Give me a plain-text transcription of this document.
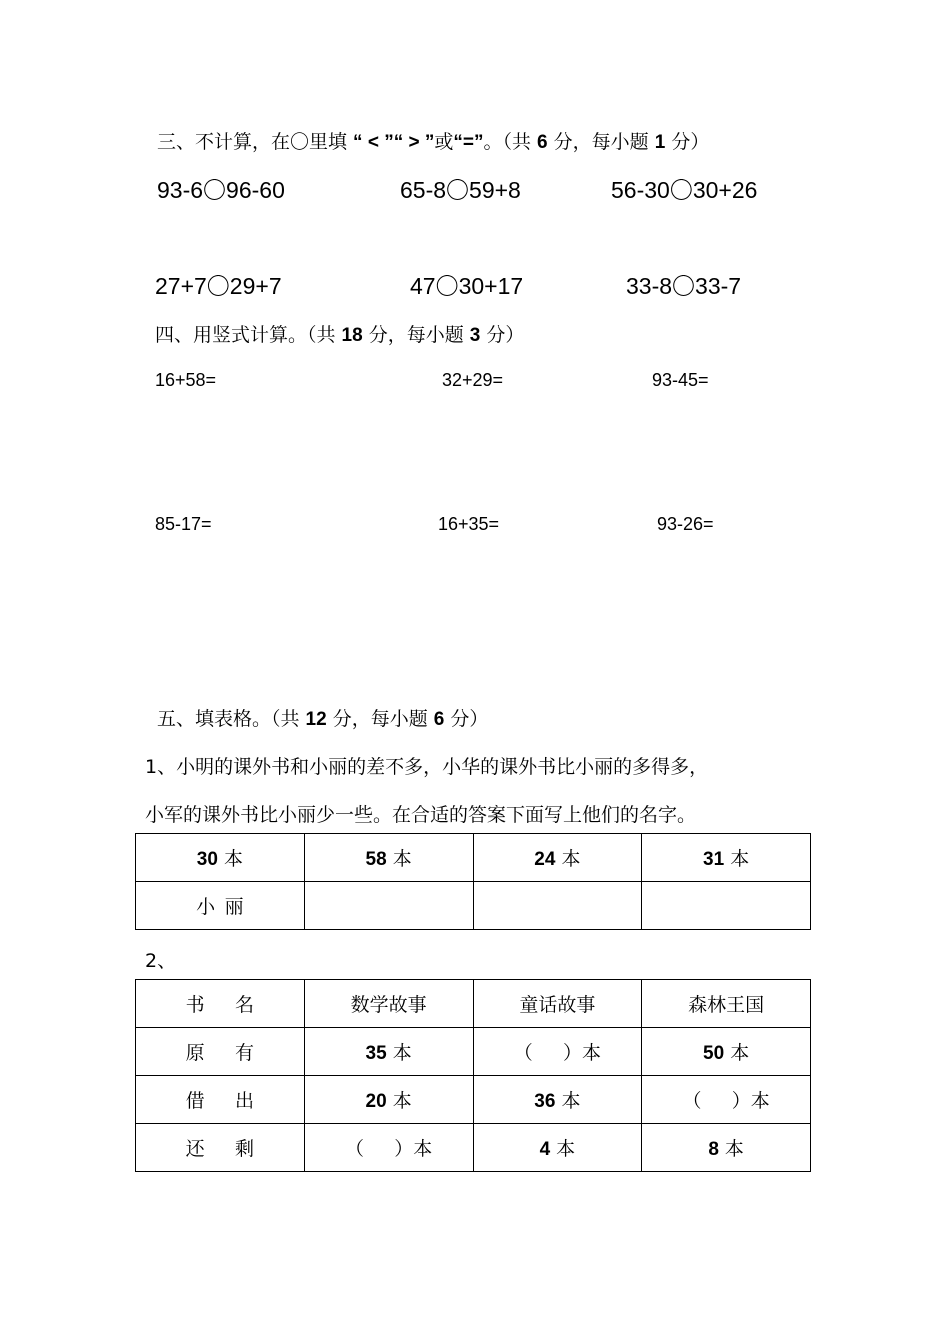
三、不计算，在〇里填 “ < ”“ > ”或“=”。（共 6 分，每小题 1 分）
93-6〇96-60	65-8〇59+8	56-30〇30+26
27+7〇29+7	47〇30+17	33-8〇33-7
四、用竖式计算。（共 18 分，每小题 3 分）
16+58=	32+29=	93-45=
85-17=	16+35=	93-26=
五、填表格。（共 12 分，每小题 6 分）
1、小明的课外书和小丽的差不多，小华的课外书比小丽的多得多，
小军的课外书比小丽少一些。在合适的答案下面写上他们的名字。
30 本	58 本	24 本	31 本
小丽			
2、
书名	数学故事	童话故事	森林王国
原有	35 本	（     ）本	50 本
借出	20 本	36 本	（     ）本
还剩	（     ）本	4 本	8 本
